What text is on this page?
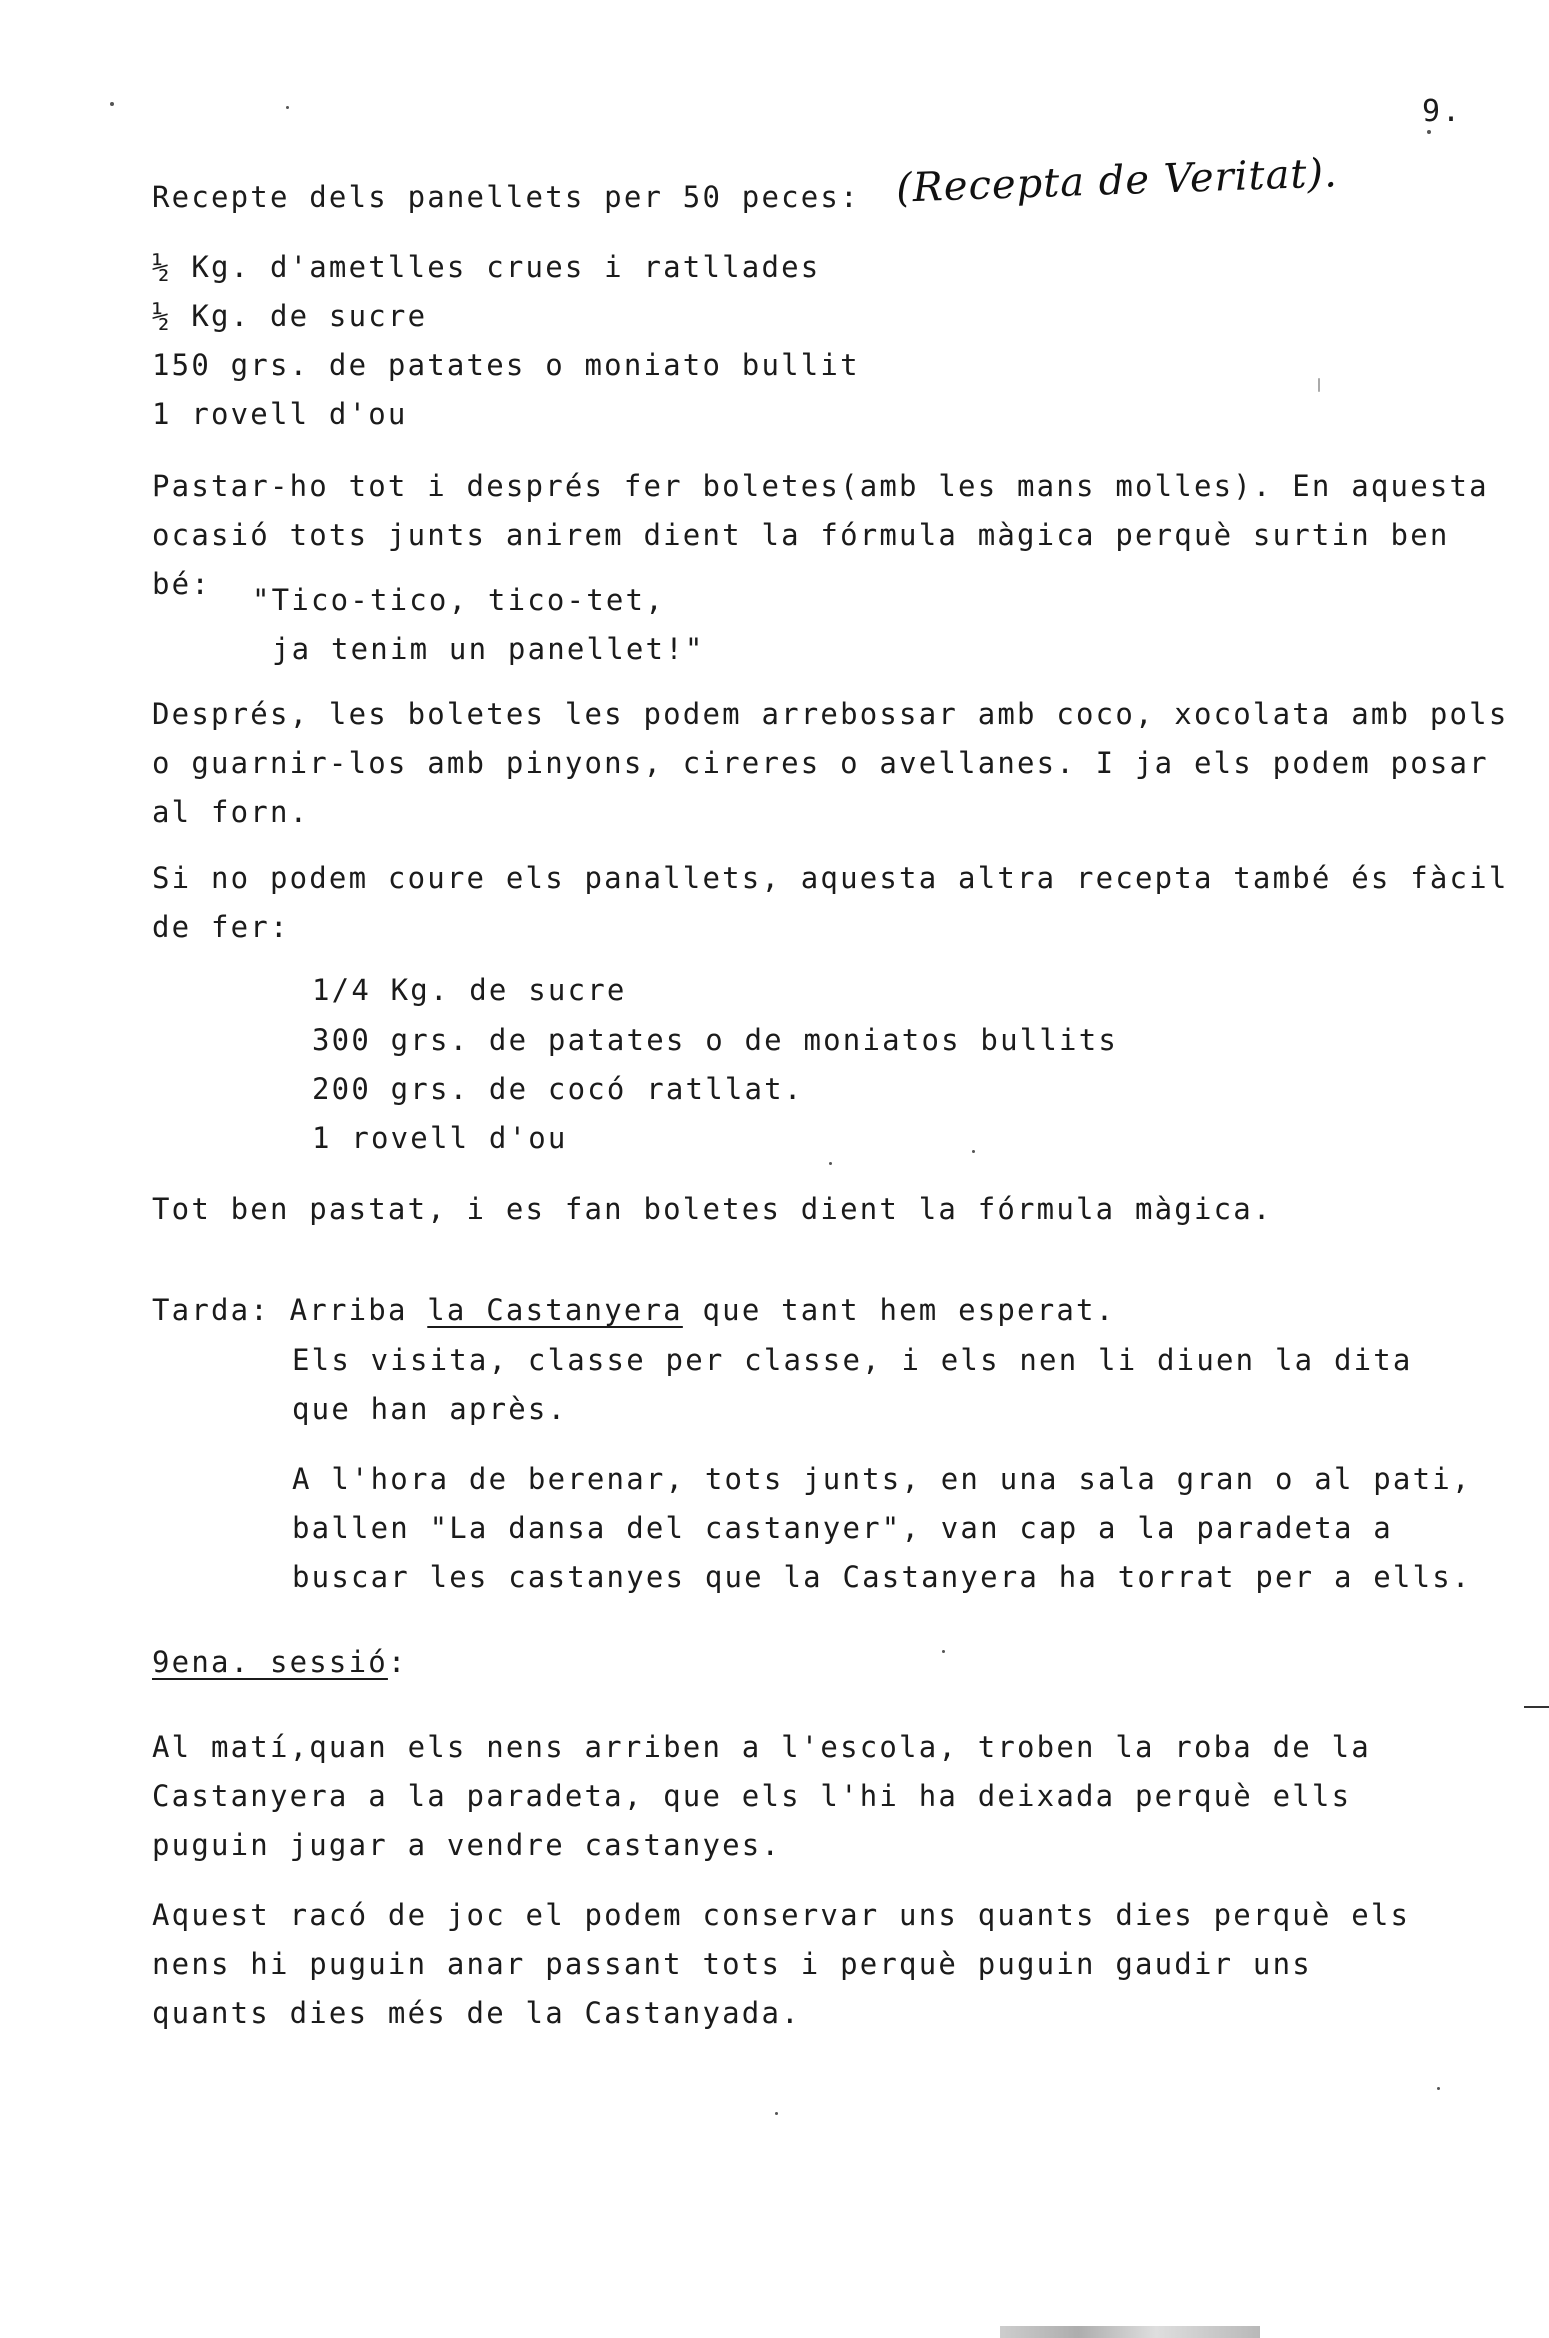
9.
Recepte dels panellets per 50 peces: (Recepta de Veritat).
½ Kg. d'ametlles crues i ratllades
½ Kg. de sucre
150 grs. de patates o moniato bullit
1 rovell d'ou
Pastar-ho tot i després fer boletes(amb les mans molles). En aquesta
ocasió tots junts anirem dient la fórmula màgica perquè surtin ben
bé: "Tico-tico, tico-tet,
ja tenim un panellet!"
Després, les boletes les podem arrebossar amb coco, xocolata amb pols
o guarnir-los amb pinyons, cireres o avellanes. I ja els podem posar
al forn.
Si no podem coure els panallets, aquesta altra recepta també és fàcil
de fer:
1/4 Kg. de sucre
300 grs. de patates o de moniatos bullits
200 grs. de cocó ratllat.
1 rovell d'ou
Tot ben pastat, i es fan boletes dient la fórmula màgica.
Tarda: Arriba la Castanyera que tant hem esperat.
Els visita, classe per classe, i els nen li diuen la dita
que han après.
A l'hora de berenar, tots junts, en una sala gran o al pati,
ballen "La dansa del castanyer", van cap a la paradeta a
buscar les castanyes que la Castanyera ha torrat per a ells.
9ena. sessió:
Al matí,quan els nens arriben a l'escola, troben la roba de la
Castanyera a la paradeta, que els l'hi ha deixada perquè ells
puguin jugar a vendre castanyes.
Aquest racó de joc el podem conservar uns quants dies perquè els
nens hi puguin anar passant tots i perquè puguin gaudir uns
quants dies més de la Castanyada.
